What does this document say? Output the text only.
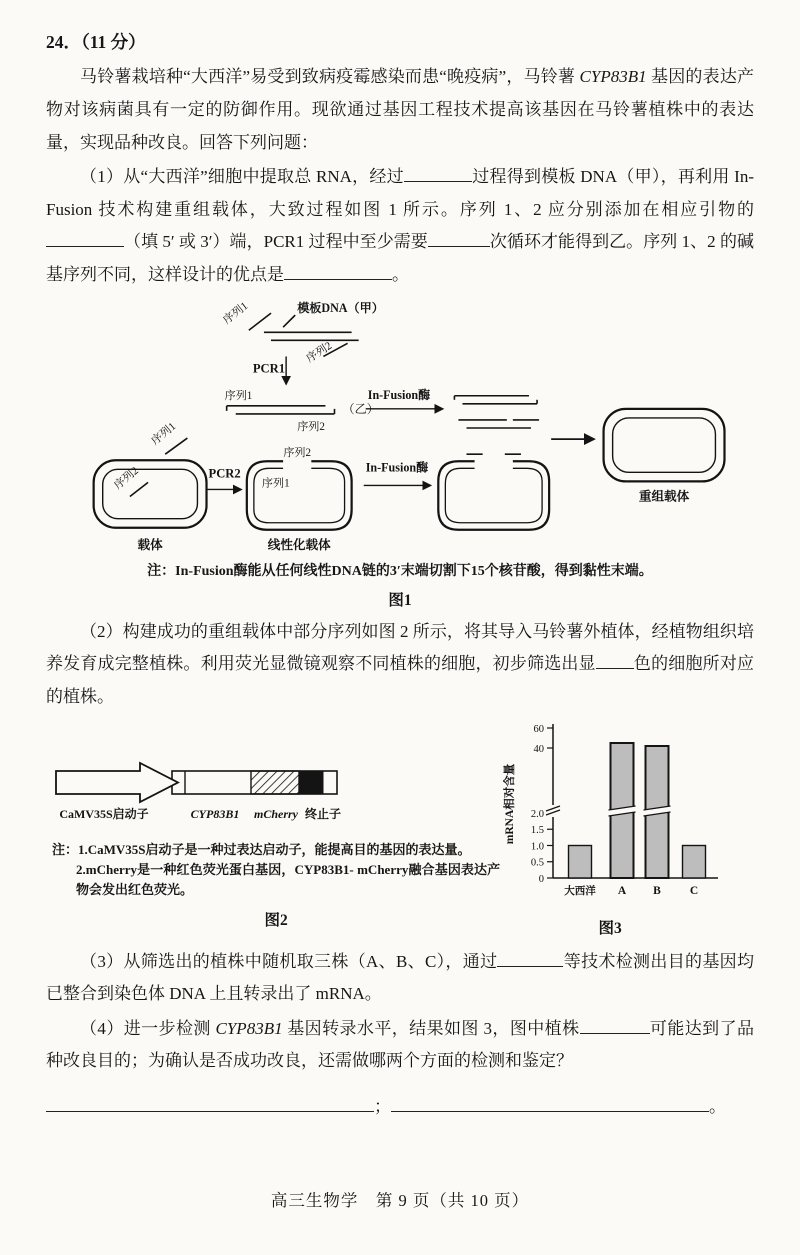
24．（11 分）

马铃薯栽培种“大西洋”易受到致病疫霉感染而患“晚疫病”，马铃薯 CYP83B1 基因的表达产物对该病菌具有一定的防御作用。现欲通过基因工程技术提高该基因在马铃薯植株中的表达量，实现品种改良。回答下列问题：

（1）从“大西洋”细胞中提取总 RNA，经过	过程得到模板 DNA（甲），再利用 In-Fusion 技术构建重组载体，大致过程如图 1 所示。序列 1、2 应分别添加在相应引物的（填 5′ 或 3′）端，PCR1 过程中至少需要	次循环才能得到乙。序列 1、2 的碱基序列不同，这样设计的优点是	。

模板DNA（甲）
序列1
序列2
PCR1
序列1
（乙）
序列2
In-Fusion酶
重组载体
序列1
序列2
载体
PCR2
序列2
序列1
线性化载体
In-Fusion酶
注：In-Fusion酶能从任何线性DNA链的3′末端切割下15个核苷酸，得到黏性末端。
图1

（2）构建成功的重组载体中部分序列如图 2 所示，将其导入马铃薯外植体，经植物组织培养发育成完整植株。利用荧光显微镜观察不同植株的细胞，初步筛选出显 色的细胞所对应的植株。

CaMV35S启动子	CYP83B1 mCherry 终止子
注：1.CaMV35S启动子是一种过表达启动子，能提高目的基因的表达量。
2.mCherry是一种红色荧光蛋白基因，CYP83B1- mCherry融合基因表达产物会发出红色荧光。
图2
mRNA相对含量
0
0.5
1.0
1.5
2.0
40
60
大西洋 A B	C
图3

（3）从筛选出的植株中随机取三株（A、B、C），通过	等技术检测出目的基因均已整合到染色体 DNA 上且转录出了 mRNA。

（4）进一步检测 CYP83B1 基因转录水平，结果如图 3，图中植株	可能达到了品种改良目的；为确认是否成功改良，还需做哪两个方面的检测和鉴定？

；	。
高三生物学　第 9 页（共 10 页）
